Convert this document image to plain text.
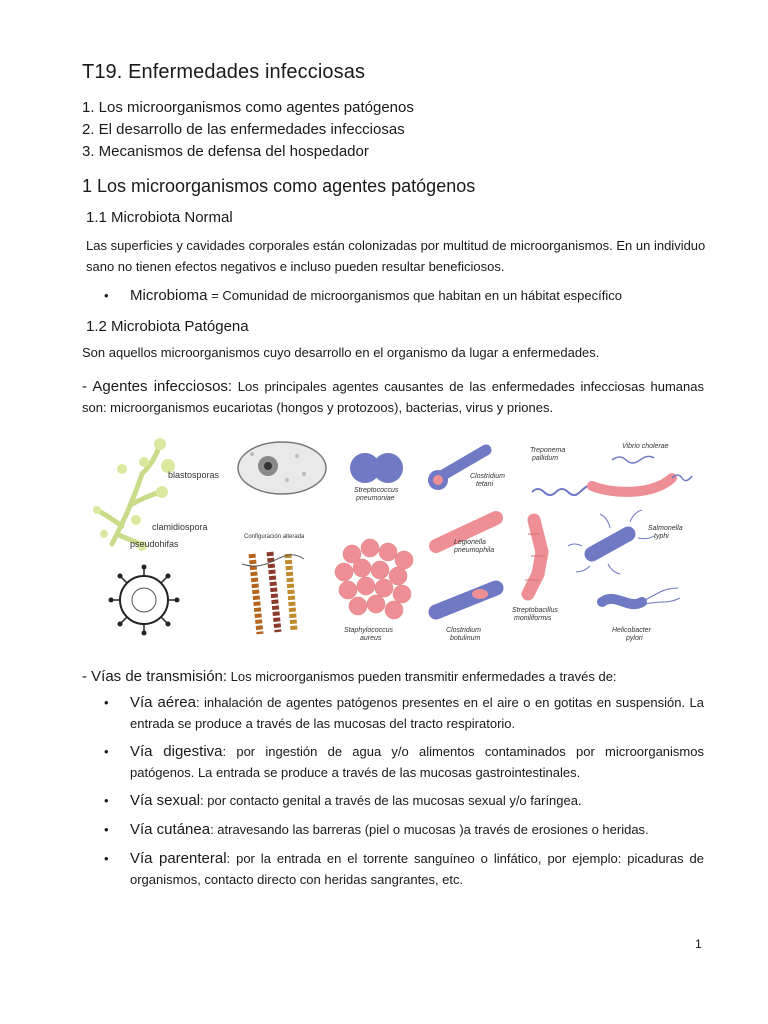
T19. Enfermedades infecciosas
1. Los microorganismos como agentes patógenos
2. El desarrollo de las enfermedades infecciosas
3. Mecanismos de defensa del hospedador
1 Los microorganismos como agentes patógenos
1.1 Microbiota Normal
Las superficies y cavidades corporales están colonizadas por multitud de microorganismos. En un individuo sano no tienen efectos negativos e incluso pueden resultar beneficiosos.
•	Microbioma = Comunidad de microorganismos que habitan en un hábitat específico
1.2 Microbiota Patógena
Son aquellos microorganismos cuyo desarrollo en el organismo da lugar a enfermedades.
- Agentes infecciosos: Los principales agentes causantes de las enfermedades infecciosas humanas son: microorganismos eucariotas (hongos y protozoos), bacterias, virus y priones.
blastosporas
clamidiospora
pseudohifas
Configuración alterada
Streptococcus
pneumoniae
Clostridium
tetani
Treponema
pallidum
Vibrio cholerae
Legionella
pneumophila
Streptobacillus
moniliformis
Salmonella
typhi
Staphylococcus
aureus
Clostridium
botulinum
Helicobacter
pylori
- Vías de transmisión: Los microorganismos pueden transmitir enfermedades a través de:
•	Vía aérea: inhalación de agentes patógenos presentes en el aire o en gotitas en suspensión. La entrada se produce a través de las mucosas del tracto respiratorio.
•	Vía digestiva: por ingestión de agua y/o alimentos contaminados por microorganismos patógenos. La entrada se produce a través de las mucosas gastrointestinales.
•	Vía sexual: por contacto genital a través de las mucosas sexual y/o faríngea.
•	Vía cutánea: atravesando las barreras (piel o mucosas )a través de erosiones o heridas.
•	Vía parenteral: por la entrada en el torrente sanguíneo o linfático, por ejemplo: picaduras de organismos, contacto directo con heridas sangrantes, etc.
1
